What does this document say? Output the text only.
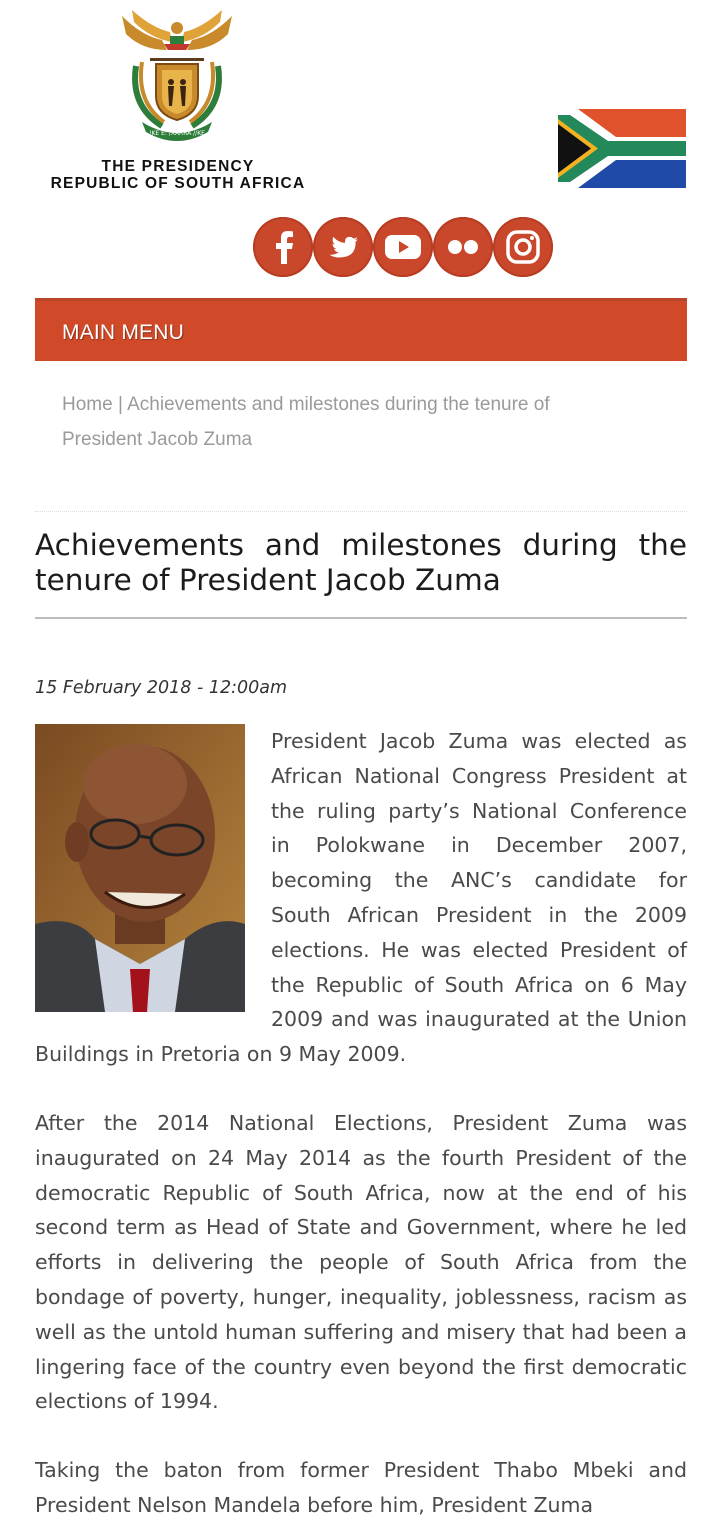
!KE E: /XARRA //KE
THE PRESIDENCY
REPUBLIC OF SOUTH AFRICA
MAIN MENU
Home | Achievements and milestones during the tenure of President Jacob Zuma
Achievements and milestones during the tenure of President Jacob Zuma
15 February 2018 - 12:00am

President Jacob Zuma was elected as African National Congress President at the ruling party’s National Conference in Polokwane in December 2007, becoming the ANC’s candidate for South African President in the 2009 elections. He was elected President of the Republic of South Africa on 6 May 2009 and was inaugurated at the Union Buildings in Pretoria on 9 May 2009.

After the 2014 National Elections, President Zuma was inaugurated on 24 May 2014 as the fourth President of the democratic Republic of South Africa, now at the end of his second term as Head of State and Government, where he led efforts in delivering the people of South Africa from the bondage of poverty, hunger, inequality, joblessness, racism as well as the untold human suffering and misery that had been a lingering face of the country even beyond the first democratic elections of 1994.

Taking the baton from former President Thabo Mbeki and President Nelson Mandela before him, President Zuma
